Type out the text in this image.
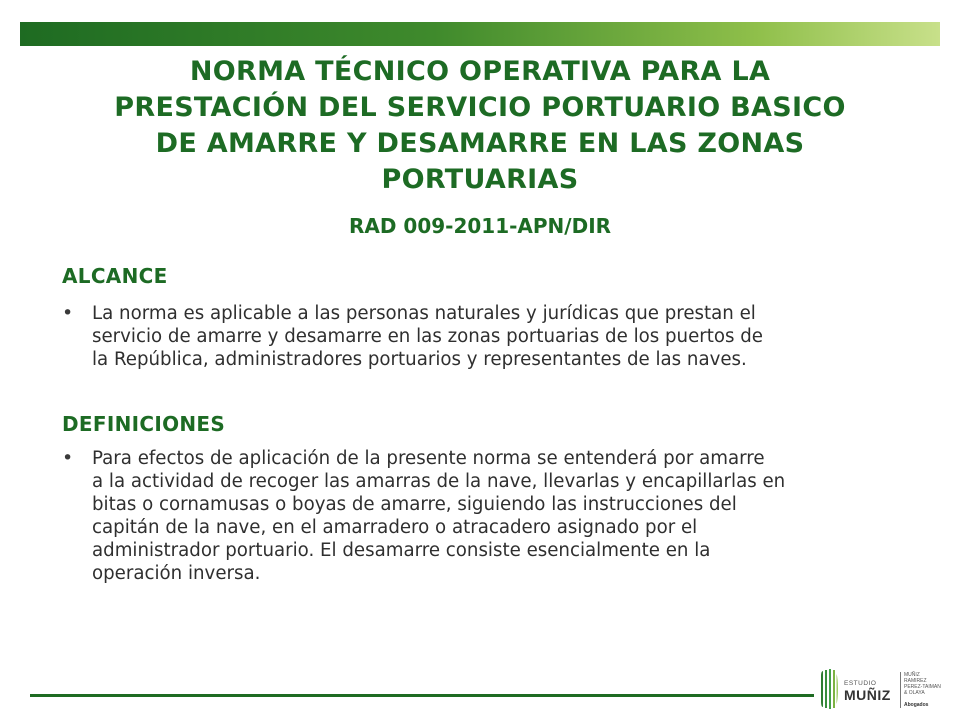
NORMA TÉCNICO OPERATIVA PARA LA
PRESTACIÓN DEL SERVICIO PORTUARIO BASICO
DE AMARRE Y DESAMARRE EN LAS ZONAS
PORTUARIAS
RAD 009-2011-APN/DIR
ALCANCE
• La norma es aplicable a las personas naturales y jurídicas que prestan el
servicio de amarre y desamarre en las zonas portuarias de los puertos de
la República, administradores portuarios y representantes de las naves.
DEFINICIONES
• Para efectos de aplicación de la presente norma se entenderá por amarre
a la actividad de recoger las amarras de la nave, llevarlas y encapillarlas en
bitas o cornamusas o boyas de amarre, siguiendo las instrucciones del
capitán de la nave, en el amarradero o atracadero asignado por el
administrador portuario. El desamarre consiste esencialmente en la
operación inversa.
ESTUDIO
MUÑIZ
MUÑIZ
RAMIREZ
PEREZ-TAIMAN
& OLAYA
Abogados
